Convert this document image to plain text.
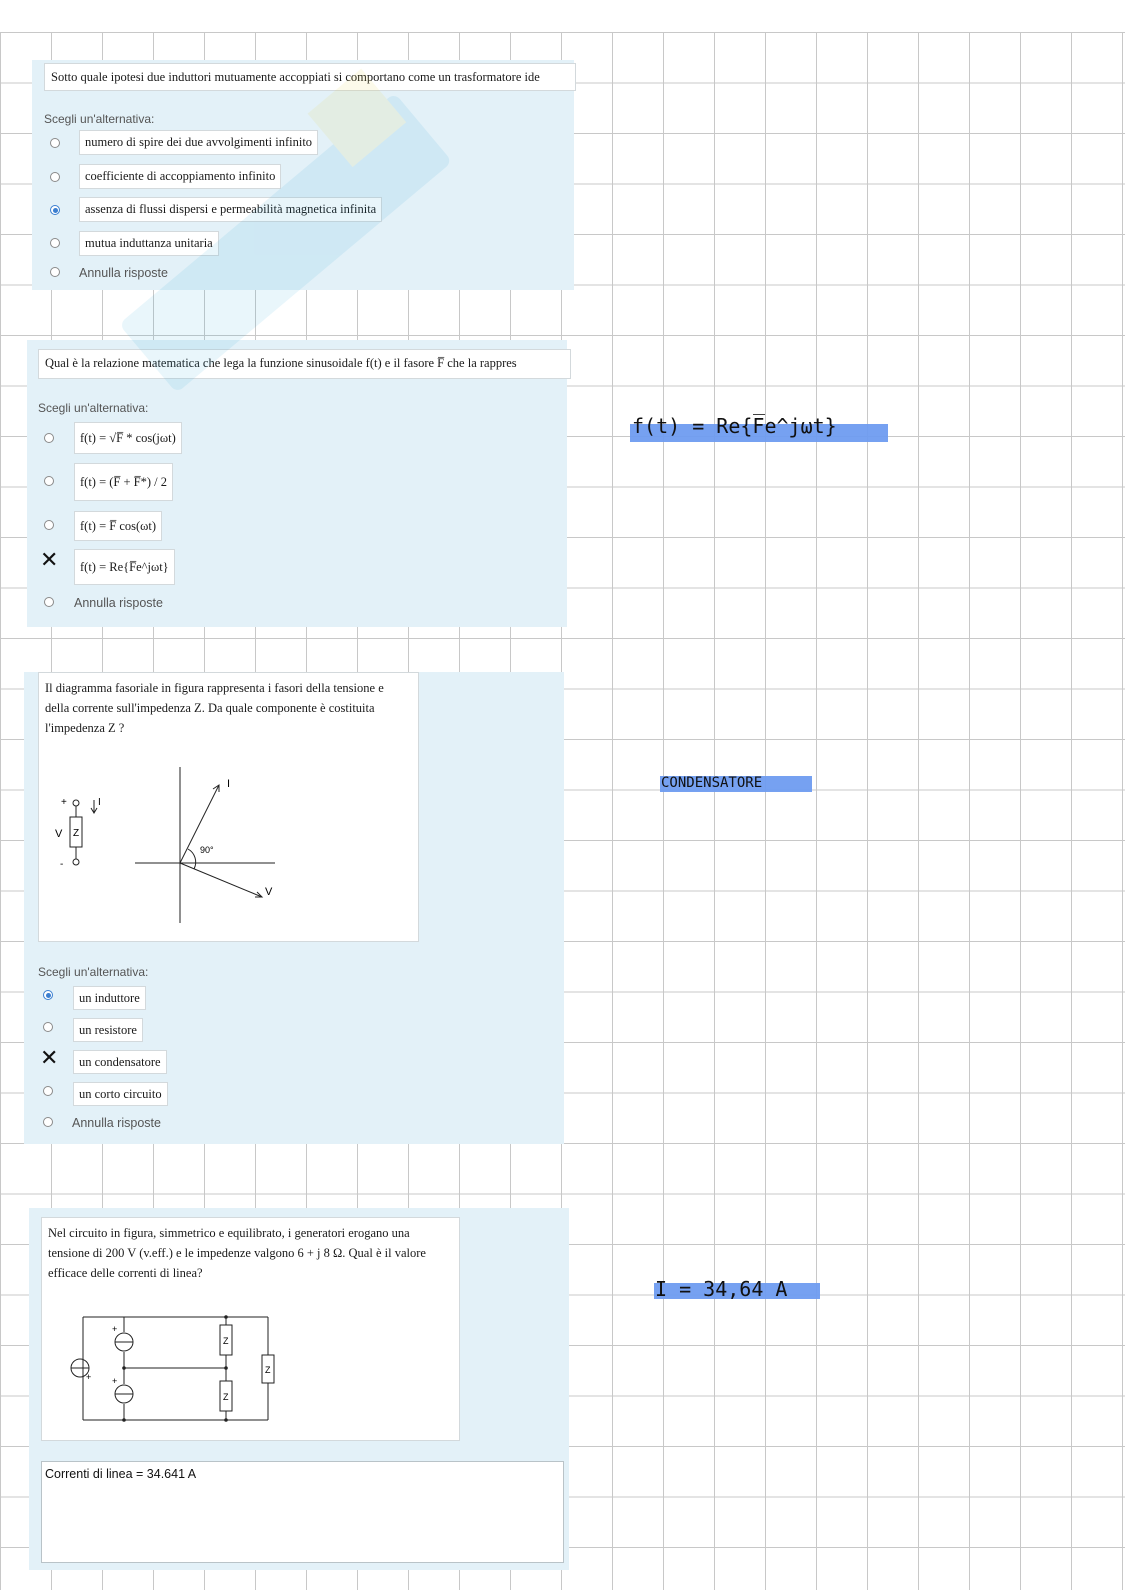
Sotto quale ipotesi due induttori mutuamente accoppiati si comportano come un trasformatore ide
Scegli un'alternativa:
numero di spire dei due avvolgimenti infinito
coefficiente di accoppiamento infinito
assenza di flussi dispersi e permeabilità magnetica infinita
mutua induttanza unitaria
Annulla risposte
Qual è la relazione matematica che lega la funzione sinusoidale f(t) e il fasore F̅ che la rappres
Scegli un'alternativa:
f(t) = √F̅ * cos(jωt)
f(t) = (F̅ + F̅*) / 2
f(t) = F̅ cos(ωt)
✕	f(t) = Re{F̅e^jωt}
Annulla risposte
Il diagramma fasoriale in figura rappresenta i fasori della tensione e della corrente sull'impedenza Z. Da quale componente è costituita l'impedenza Z ?
+
Z
V
-
I
I
V
90°
Scegli un'alternativa:
un induttore
un resistore
✕	un condensatore
un corto circuito
Annulla risposte
Nel circuito in figura, simmetrico e equilibrato, i generatori erogano una tensione di 200 V (v.eff.) e le impedenze valgono 6 + j 8 Ω. Qual è il valore efficace delle correnti di linea?
Z
Z
Z
+
+
+
Correnti di linea = 34.641 A
f(t) = Re{F̅e^jωt}
CONDENSATORE
I = 34,64 A
